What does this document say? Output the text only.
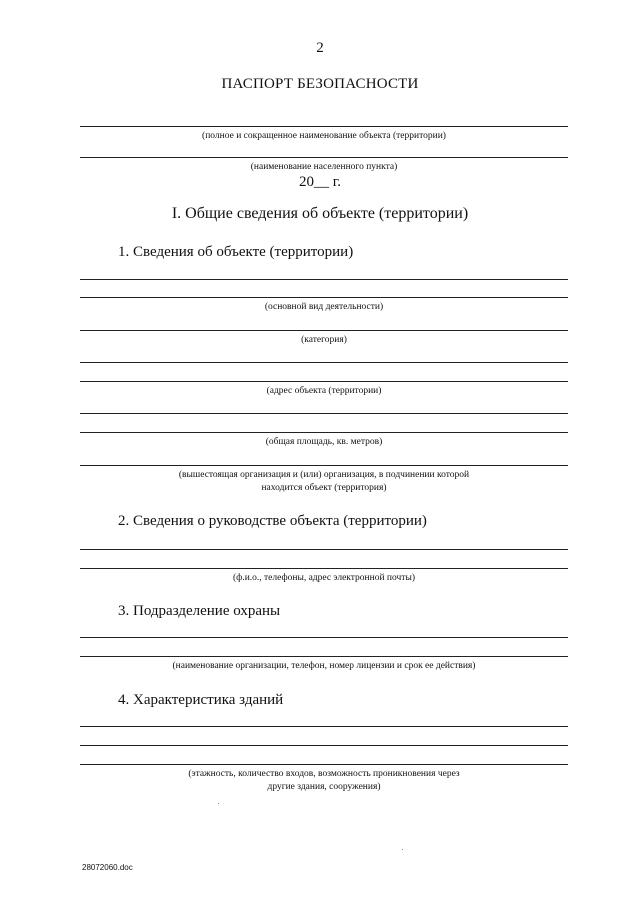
2
ПАСПОРТ БЕЗОПАСНОСТИ
(полное и сокращенное наименование объекта (территории)
(наименование населенного пункта)
20__ г.
I. Общие сведения об объекте (территории)
1. Сведения об объекте (территории)
(основной вид деятельности)
(категория)
(адрес объекта (территории)
(общая площадь, кв. метров)
(вышестоящая организация и (или) организация, в подчинении которой
находится объект (территория)
2. Сведения о руководстве объекта (территории)
(ф.и.о., телефоны, адрес электронной почты)
3. Подразделение охраны
(наименование организации, телефон, номер лицензии и срок ее действия)
4. Характеристика зданий
(этажность, количество входов, возможность проникновения через
другие здания, сооружения)
28072060.doc
